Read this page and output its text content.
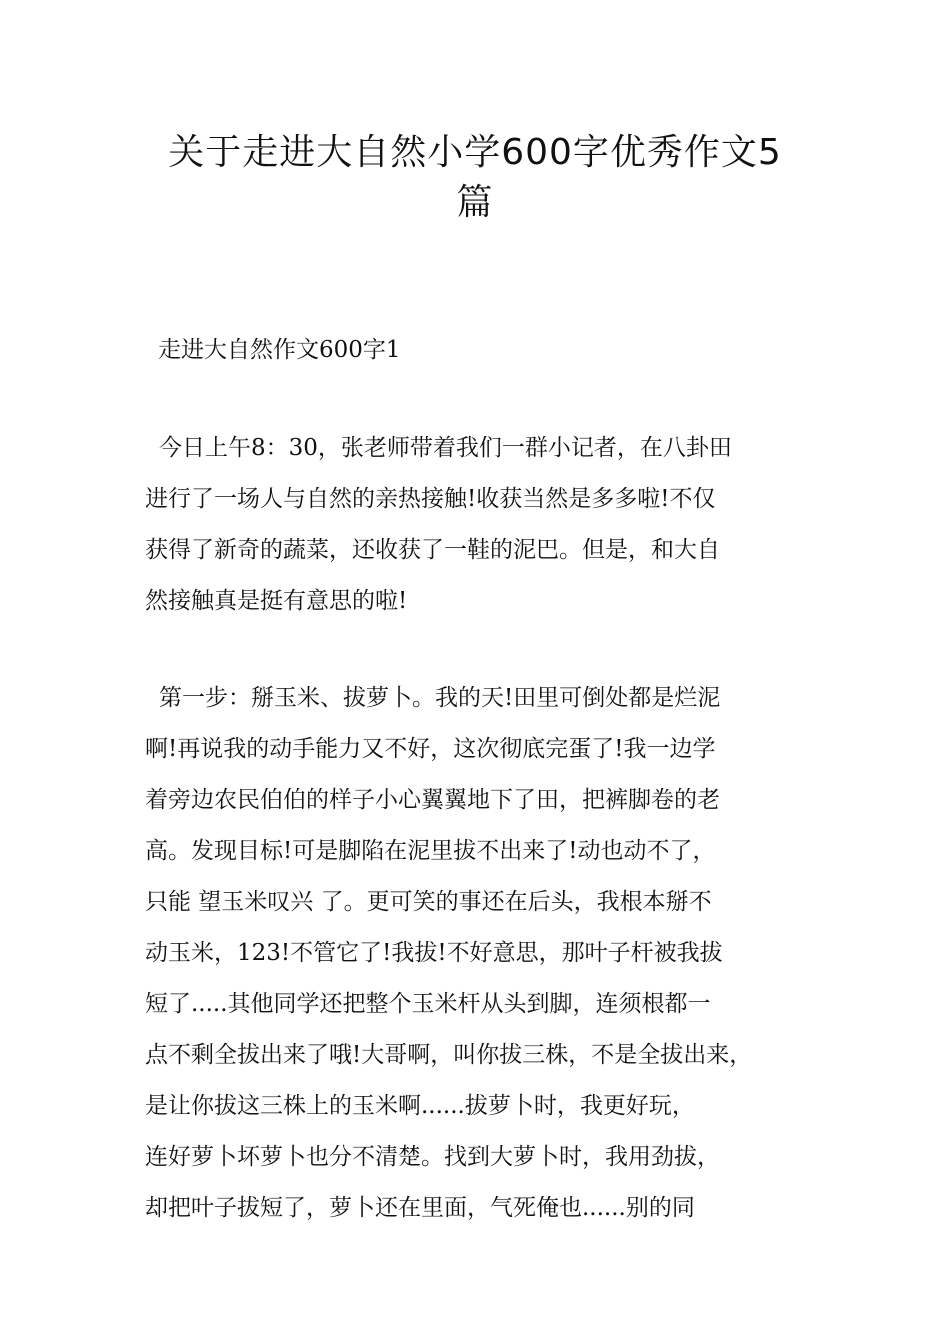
关于走进大自然小学600字优秀作文5
篇

走进大自然作文600字1

今日上午8：30，张老师带着我们一群小记者，在八卦田
进行了一场人与自然的亲热接触!收获当然是多多啦!不仅
获得了新奇的蔬菜，还收获了一鞋的泥巴。但是，和大自
然接触真是挺有意思的啦!
第一步：掰玉米、拔萝卜。我的天!田里可倒处都是烂泥
啊!再说我的动手能力又不好，这次彻底完蛋了!我一边学
着旁边农民伯伯的样子小心翼翼地下了田，把裤脚卷的老
高。发现目标!可是脚陷在泥里拔不出来了!动也动不了，
只能 望玉米叹兴 了。更可笑的事还在后头，我根本掰不
动玉米，123!不管它了!我拔!不好意思，那叶子杆被我拔
短了.....其他同学还把整个玉米杆从头到脚，连须根都一
点不剩全拔出来了哦!大哥啊，叫你拔三株，不是全拔出来，
是让你拔这三株上的玉米啊......拔萝卜时，我更好玩，
连好萝卜坏萝卜也分不清楚。找到大萝卜时，我用劲拔，
却把叶子拔短了，萝卜还在里面，气死俺也......别的同
